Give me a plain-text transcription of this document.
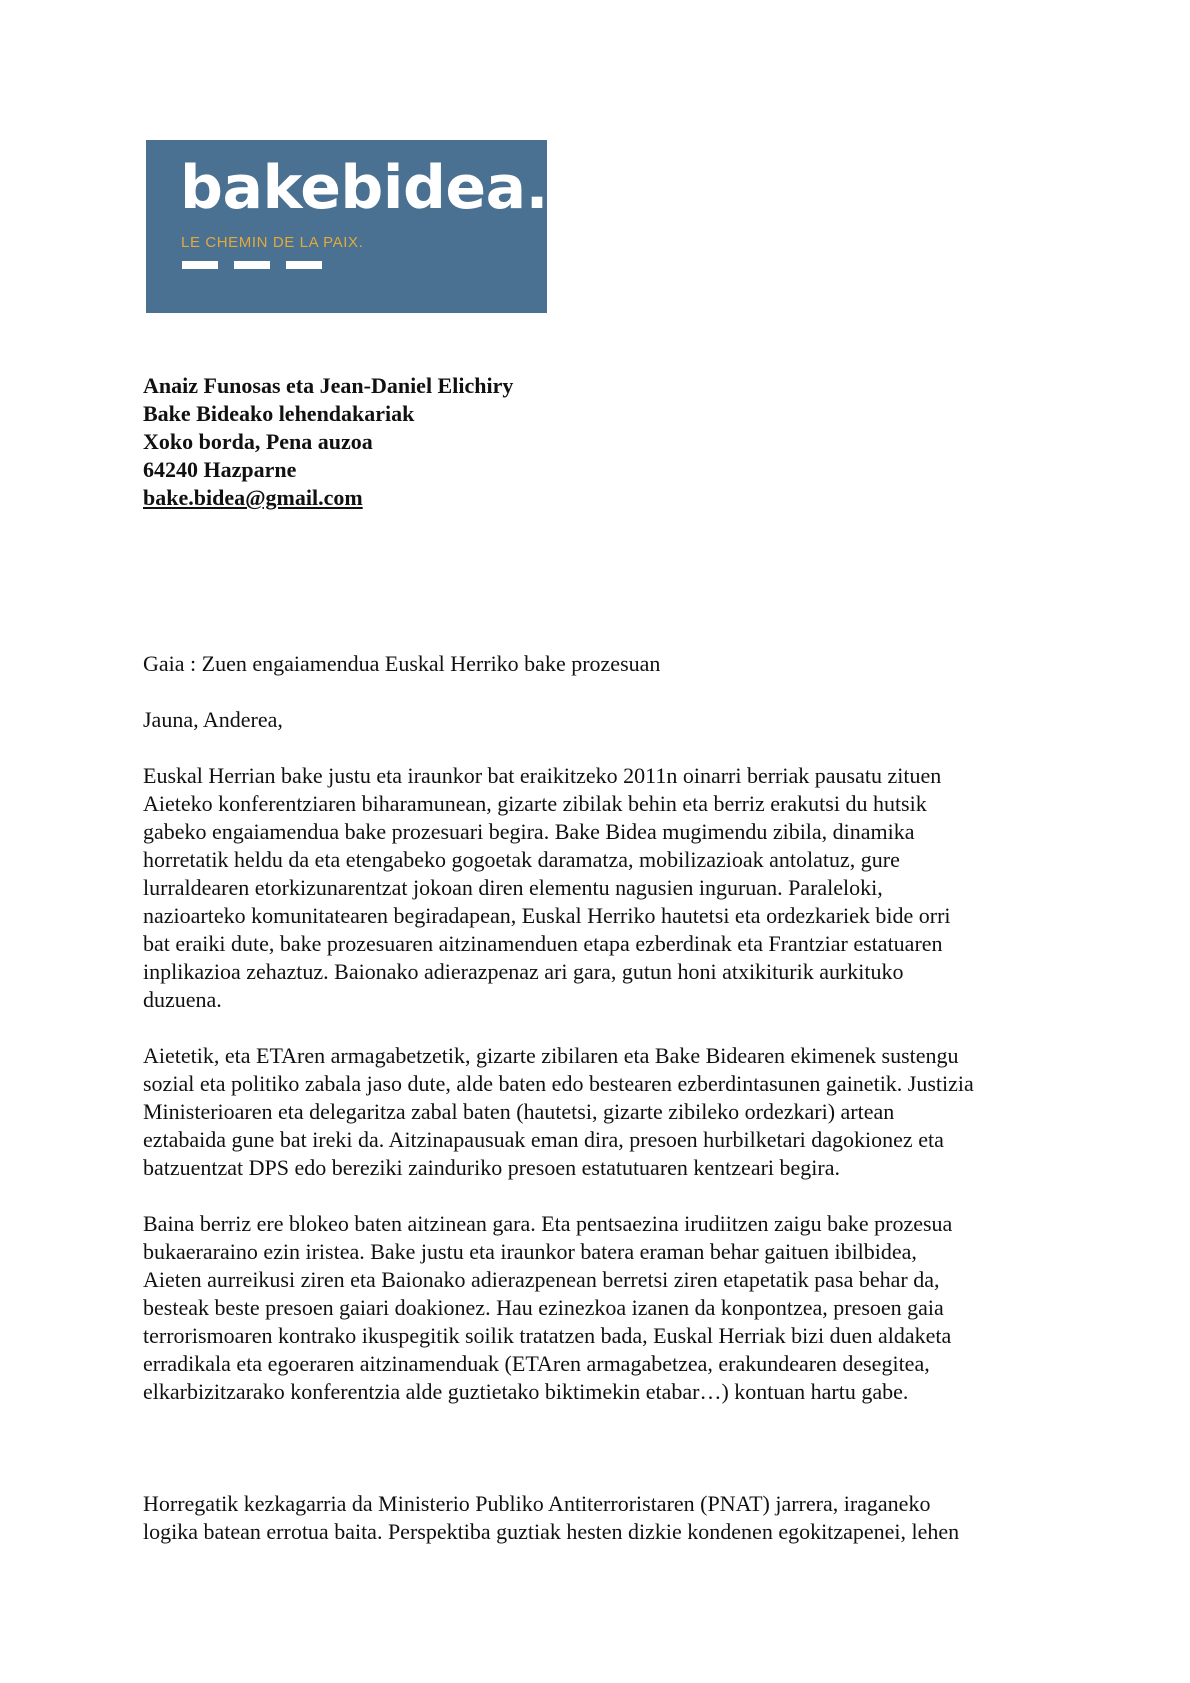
bakebidea.
LE CHEMIN DE LA PAIX.
Anaiz Funosas eta Jean-Daniel Elichiry
Bake Bideako lehendakariak
Xoko borda, Pena auzoa
64240 Hazparne
bake.bidea@gmail.com
Gaia : Zuen engaiamendua Euskal Herriko bake prozesuan
Jauna, Anderea,

Euskal Herrian bake justu eta iraunkor bat eraikitzeko 2011n oinarri berriak pausatu zituen
Aieteko konferentziaren biharamunean, gizarte zibilak behin eta berriz erakutsi du hutsik
gabeko engaiamendua bake prozesuari begira. Bake Bidea mugimendu zibila, dinamika
horretatik heldu da eta etengabeko gogoetak daramatza, mobilizazioak antolatuz, gure
lurraldearen etorkizunarentzat jokoan diren elementu nagusien inguruan. Paraleloki,
nazioarteko komunitatearen begiradapean, Euskal Herriko hautetsi eta ordezkariek bide orri
bat eraiki dute, bake prozesuaren aitzinamenduen etapa ezberdinak eta Frantziar estatuaren
inplikazioa zehaztuz. Baionako adierazpenaz ari gara, gutun honi atxikiturik aurkituko
duzuena.

Aietetik, eta ETAren armagabetzetik, gizarte zibilaren eta Bake Bidearen ekimenek sustengu
sozial eta politiko zabala jaso dute, alde baten edo bestearen ezberdintasunen gainetik. Justizia
Ministerioaren eta delegaritza zabal baten (hautetsi, gizarte zibileko ordezkari) artean
eztabaida gune bat ireki da. Aitzinapausuak eman dira, presoen hurbilketari dagokionez eta
batzuentzat DPS edo bereziki zainduriko presoen estatutuaren kentzeari begira.

Baina berriz ere blokeo baten aitzinean gara. Eta pentsaezina irudiitzen zaigu bake prozesua
bukaeraraino ezin iristea. Bake justu eta iraunkor batera eraman behar gaituen ibilbidea,
Aieten aurreikusi ziren eta Baionako adierazpenean berretsi ziren etapetatik pasa behar da,
besteak beste presoen gaiari doakionez. Hau ezinezkoa izanen da konpontzea, presoen gaia
terrorismoaren kontrako ikuspegitik soilik tratatzen bada, Euskal Herriak bizi duen aldaketa
erradikala eta egoeraren aitzinamenduak (ETAren armagabetzea, erakundearen desegitea,
elkarbizitzarako konferentzia alde guztietako biktimekin etabar…) kontuan hartu gabe.

Horregatik kezkagarria da Ministerio Publiko Antiterroristaren (PNAT) jarrera, iraganeko
logika batean errotua baita. Perspektiba guztiak hesten dizkie kondenen egokitzapenei, lehen
